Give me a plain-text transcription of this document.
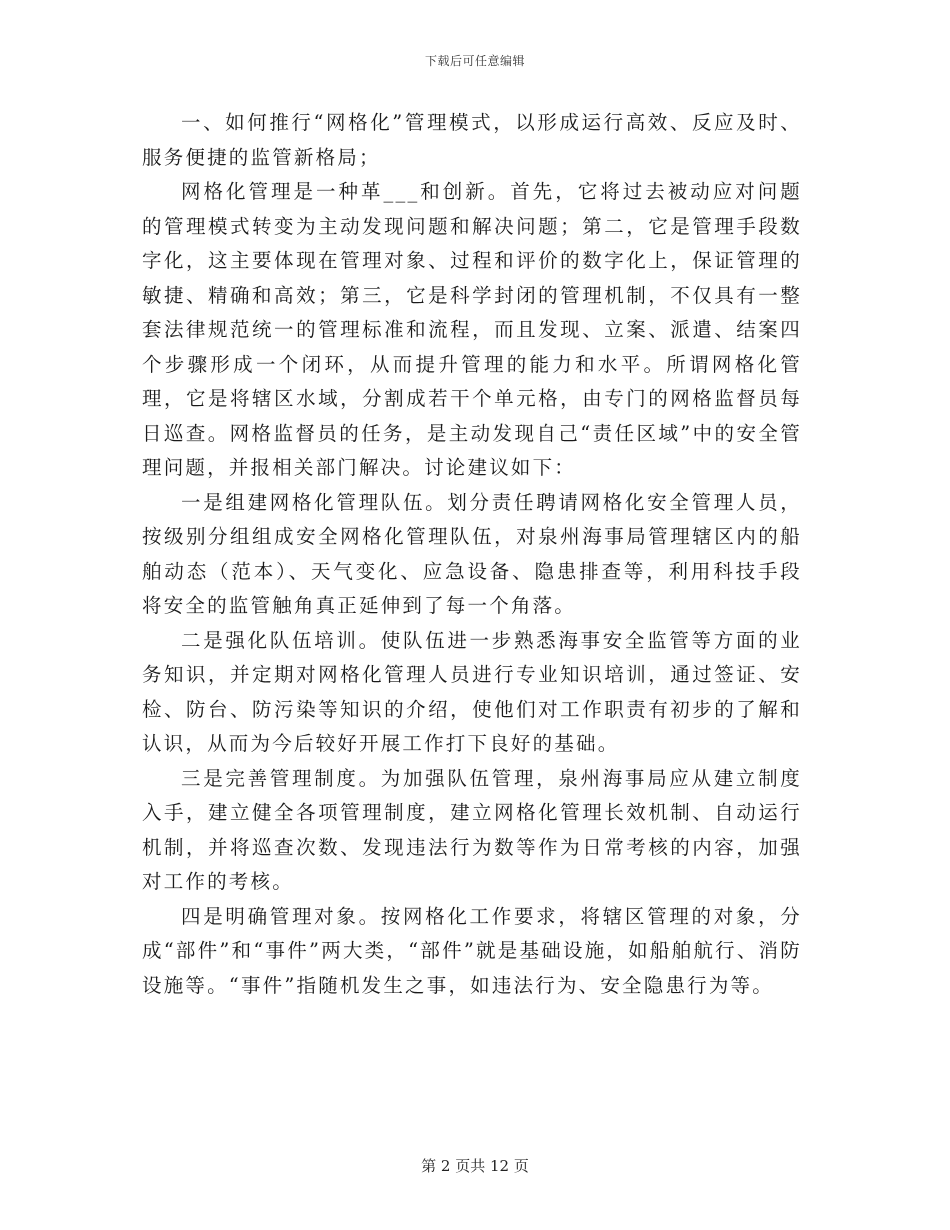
下载后可任意编辑

一、如何推行“网格化”管理模式，以形成运行高效、反应及时、服务便捷的监管新格局；

网格化管理是一种革___和创新。首先，它将过去被动应对问题的管理模式转变为主动发现问题和解决问题；第二，它是管理手段数字化，这主要体现在管理对象、过程和评价的数字化上，保证管理的敏捷、精确和高效；第三，它是科学封闭的管理机制，不仅具有一整套法律规范统一的管理标准和流程，而且发现、立案、派遣、结案四个步骤形成一个闭环，从而提升管理的能力和水平。所谓网格化管理，它是将辖区水域，分割成若干个单元格，由专门的网格监督员每日巡查。网格监督员的任务，是主动发现自己“责任区域”中的安全管理问题，并报相关部门解决。讨论建议如下：

一是组建网格化管理队伍。划分责任聘请网格化安全管理人员，按级别分组组成安全网格化管理队伍，对泉州海事局管理辖区内的船舶动态（范本）、天气变化、应急设备、隐患排查等，利用科技手段将安全的监管触角真正延伸到了每一个角落。

二是强化队伍培训。使队伍进一步熟悉海事安全监管等方面的业务知识，并定期对网格化管理人员进行专业知识培训，通过签证、安检、防台、防污染等知识的介绍，使他们对工作职责有初步的了解和认识，从而为今后较好开展工作打下良好的基础。

三是完善管理制度。为加强队伍管理，泉州海事局应从建立制度入手，建立健全各项管理制度，建立网格化管理长效机制、自动运行机制，并将巡查次数、发现违法行为数等作为日常考核的内容，加强对工作的考核。

四是明确管理对象。按网格化工作要求，将辖区管理的对象，分成“部件”和“事件”两大类，“部件”就是基础设施，如船舶航行、消防设施等。“事件”指随机发生之事，如违法行为、安全隐患行为等。

第 2 页共 12 页
